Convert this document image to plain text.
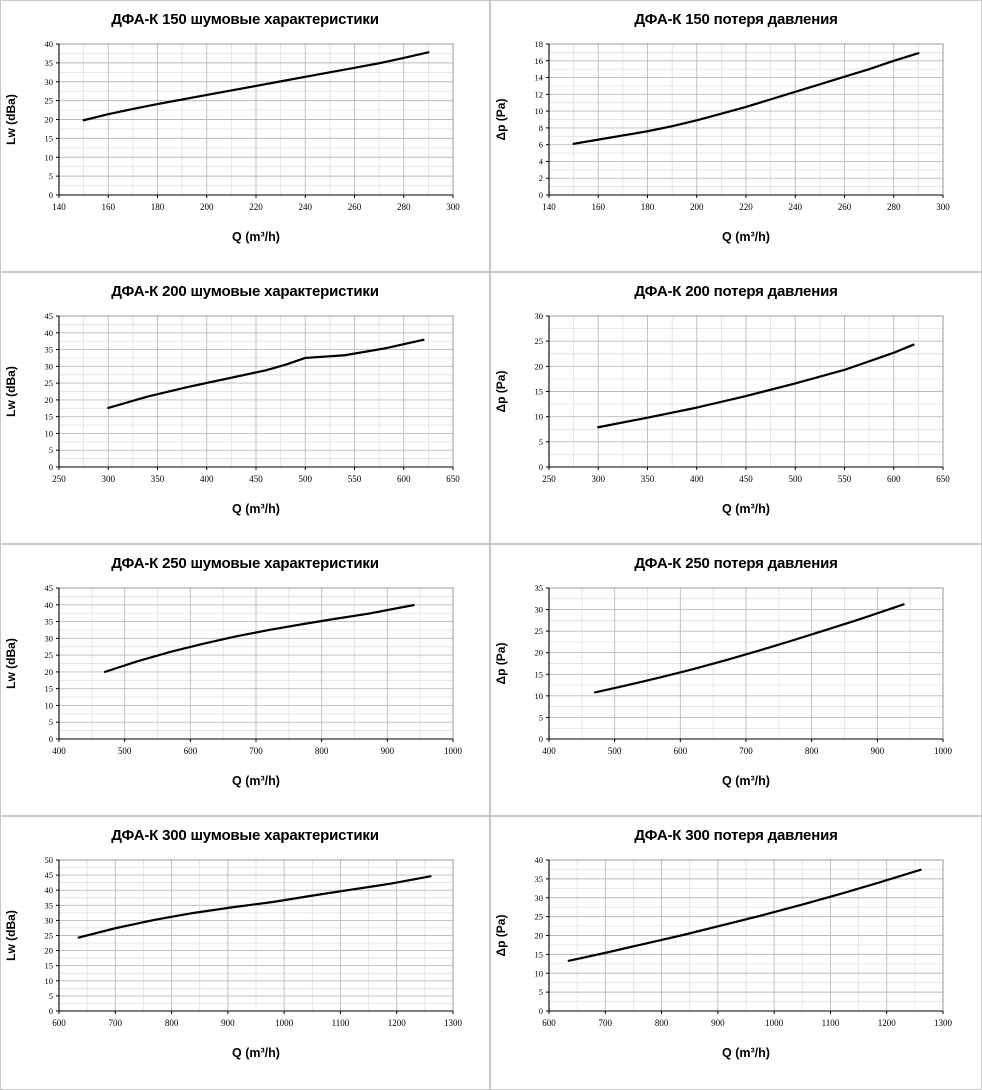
ДФА-К 150 шумовые характеристики
0
5
10
15
20
25
30
35
40
140	160	180	200	220	240	260	280	300
Lw (dBa)
Q (m³/h)
ДФА-К 150 потеря давления
0
2
4
6
8
10
12
14
16
18
140	160	180	200	220	240	260	280	300
Δp (Pa)
Q (m³/h)
ДФА-К 200 шумовые характеристики
0
5
10
15
20
25
30
35
40
45
250	300	350	400	450	500	550	600	650
Lw (dBa)
Q (m³/h)
ДФА-К 200 потеря давления
0
5
10
15
20
25
30
250	300	350	400	450	500	550	600	650
Δp (Pa)
Q (m³/h)
ДФА-К 250 шумовые характеристики
0
5
10
15
20
25
30
35
40
45
400	500	600	700	800	900	1000
Lw (dBa)
Q (m³/h)
ДФА-К 250 потеря давления
0
5
10
15
20
25
30
35
400	500	600	700	800	900	1000
Δp (Pa)
Q (m³/h)
ДФА-К 300 шумовые характеристики
0
5
10
15
20
25
30
35
40
45
50
600	700	800	900	1000	1100	1200	1300
Lw (dBa)
Q (m³/h)
ДФА-К 300 потеря давления
0
5
10
15
20
25
30
35
40
600	700	800	900	1000	1100	1200	1300
Δp (Pa)
Q (m³/h)
